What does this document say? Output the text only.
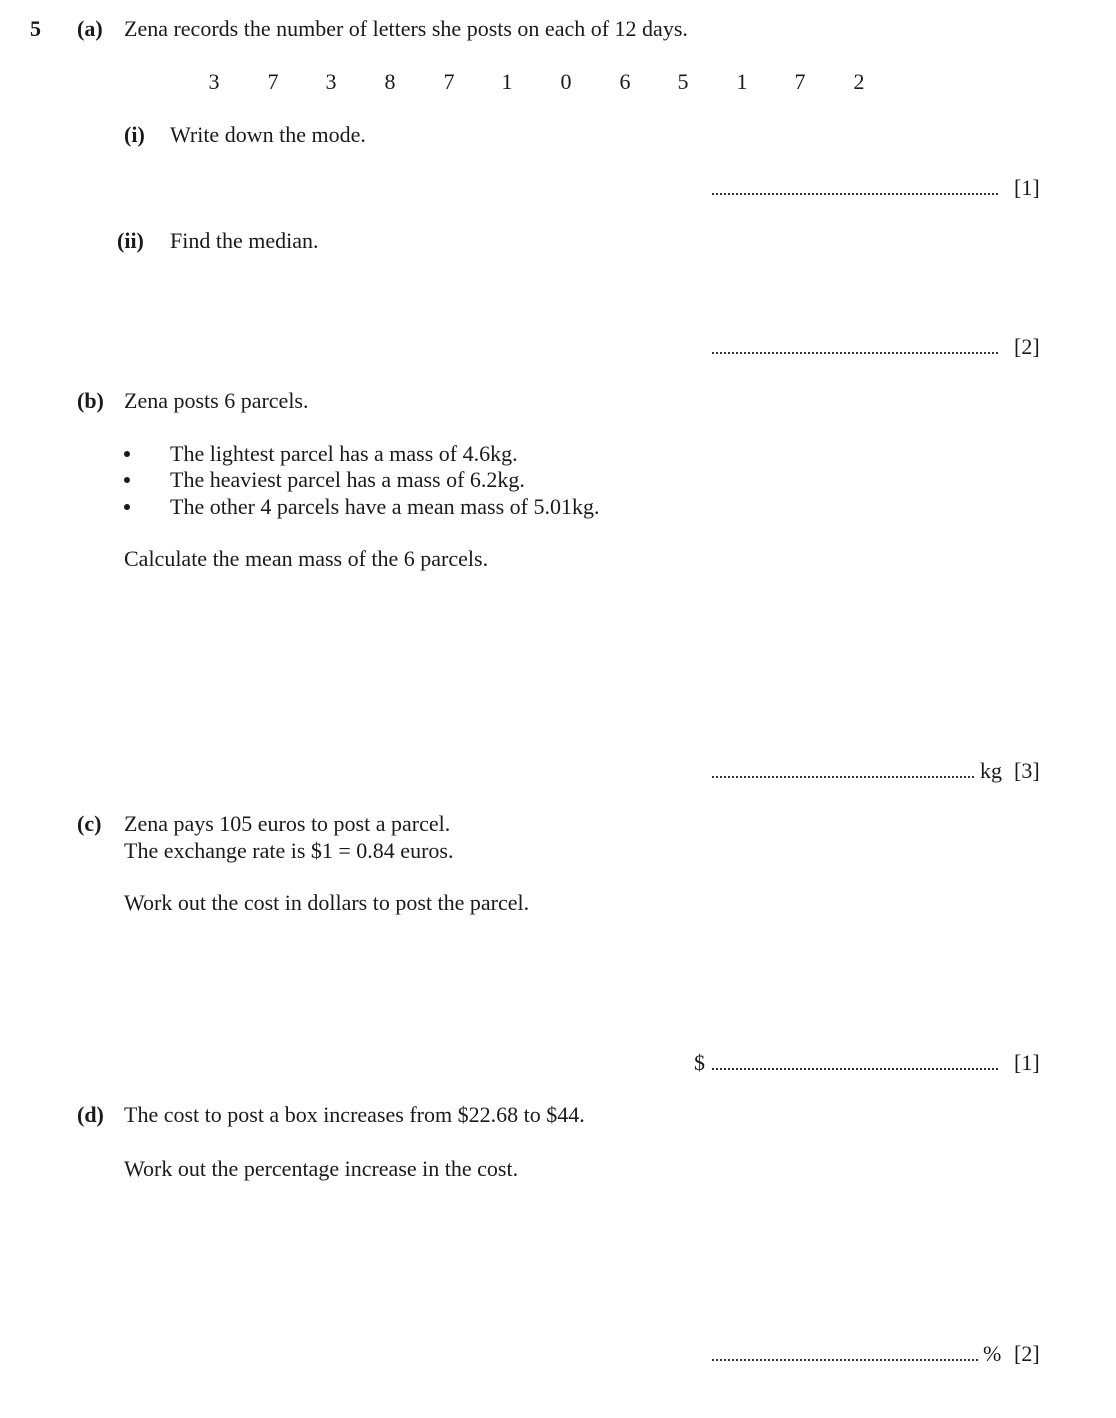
5 (a) Zena records the number of letters she posts on each of 12 days.
3 7 3 8 7 1 0 6 5 1 7 2
(i) Write down the mode.
[1]
(ii) Find the median.
[2]
(b) Zena posts 6 parcels.
The lightest parcel has a mass of 4.6kg.
The heaviest parcel has a mass of 6.2kg.
The other 4 parcels have a mean mass of 5.01kg.
Calculate the mean mass of the 6 parcels.
kg [3]
(c) Zena pays 105 euros to post a parcel.
The exchange rate is $1 = 0.84 euros.
Work out the cost in dollars to post the parcel.
$	[1]
(d) The cost to post a box increases from $22.68 to $44.
Work out the percentage increase in the cost.
% [2]
